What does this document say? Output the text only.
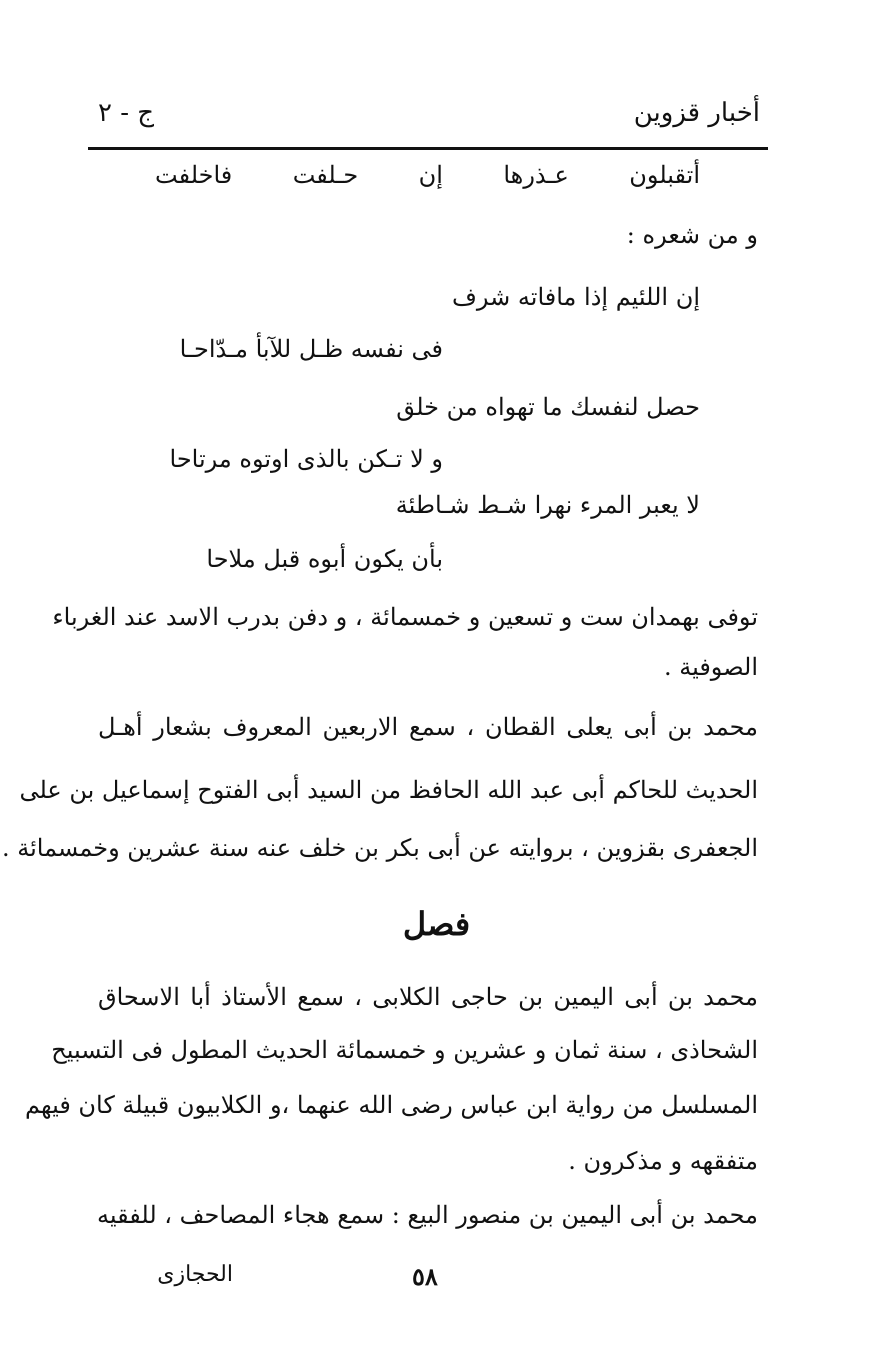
أخبار قزوين
ج - ٢
أتقبلون عـذرها إن حـلفت فاخلفت
و من شعره :
إن اللئيم إذا مافاته شرف
فى نفسه ظـل للآبأ مـدّاحـا
حصل لنفسك ما تهواه من خلق
و لا تـكن بالذى اوتوه مرتاحا
لا يعبر المرء نهرا شـط شـاطئة
بأن يكون أبوه قبل ملاحا
توفى بهمدان ست و تسعين و خمسمائة ، و دفن بدرب الاسد عند الغرباء
الصوفية .
محمد بن أبى يعلى القطان ، سمع الاربعين المعروف بشعار أهـل
الحديث للحاكم أبى عبد الله الحافظ من السيد أبى الفتوح إسماعيل بن على
الجعفرى بقزوين ، بروايته عن أبى بكر بن خلف عنه سنة عشرين وخمسمائة .
فصل
محمد بن أبى اليمين بن حاجى الكلابى ، سمع الأستاذ أبا الاسحاق
الشحاذى ، سنة ثمان و عشرين و خمسمائة الحديث المطول فى التسبيح
المسلسل من رواية ابن عباس رضى الله عنهما ،و الكلابيون قبيلة كان فيهم
متفقهه و مذكرون .
محمد بن أبى اليمين بن منصور البيع : سمع هجاء المصاحف ، للفقيه
الحجازى	٥٨
